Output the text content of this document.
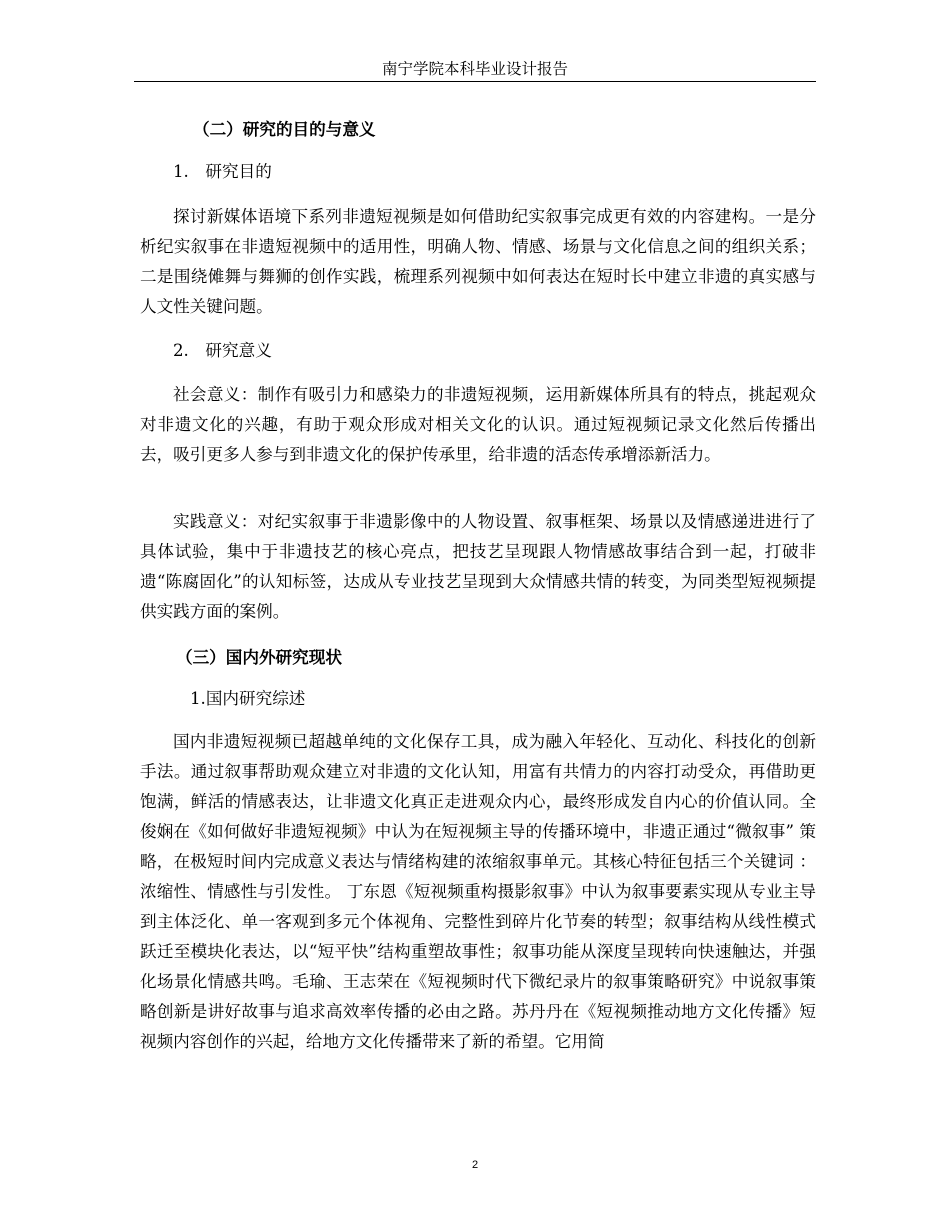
南宁学院本科毕业设计报告

（二）研究的目的与意义

1.　研究目的

探讨新媒体语境下系列非遗短视频是如何借助纪实叙事完成更有效的内容建构。一是分析纪实叙事在非遗短视频中的适用性，明确人物、情感、场景与文化信息之间的组织关系；二是围绕傩舞与舞狮的创作实践，梳理系列视频中如何表达在短时长中建立非遗的真实感与人文性关键问题。

2.　研究意义

社会意义：制作有吸引力和感染力的非遗短视频，运用新媒体所具有的特点，挑起观众对非遗文化的兴趣，有助于观众形成对相关文化的认识。通过短视频记录文化然后传播出去，吸引更多人参与到非遗文化的保护传承里，给非遗的活态传承增添新活力。

实践意义：对纪实叙事于非遗影像中的人物设置、叙事框架、场景以及情感递进进行了具体试验，集中于非遗技艺的核心亮点，把技艺呈现跟人物情感故事结合到一起，打破非遗“陈腐固化”的认知标签，达成从专业技艺呈现到大众情感共情的转变，为同类型短视频提供实践方面的案例。

（三）国内外研究现状

1.国内研究综述

国内非遗短视频已超越单纯的文化保存工具，成为融入年轻化、互动化、科技化的创新手法。通过叙事帮助观众建立对非遗的文化认知，用富有共情力的内容打动受众，再借助更饱满，鲜活的情感表达，让非遗文化真正走进观众内心，最终形成发自内心的价值认同。全俊娴在《如何做好非遗短视频》中认为在短视频主导的传播环境中，非遗正通过“微叙事” 策略，在极短时间内完成意义表达与情绪构建的浓缩叙事单元。其核心特征包括三个关键词 ：浓缩性、情感性与引发性。 丁东恩《短视频重构摄影叙事》中认为叙事要素实现从专业主导到主体泛化、单一客观到多元个体视角、完整性到碎片化节奏的转型；叙事结构从线性模式跃迁至模块化表达，以“短平快”结构重塑故事性；叙事功能从深度呈现转向快速触达，并强化场景化情感共鸣。毛瑜、王志荣在《短视频时代下微纪录片的叙事策略研究》中说叙事策略创新是讲好故事与追求高效率传播的必由之路。苏丹丹在《短视频推动地方文化传播》短视频内容创作的兴起，给地方文化传播带来了新的希望。它用简

2
